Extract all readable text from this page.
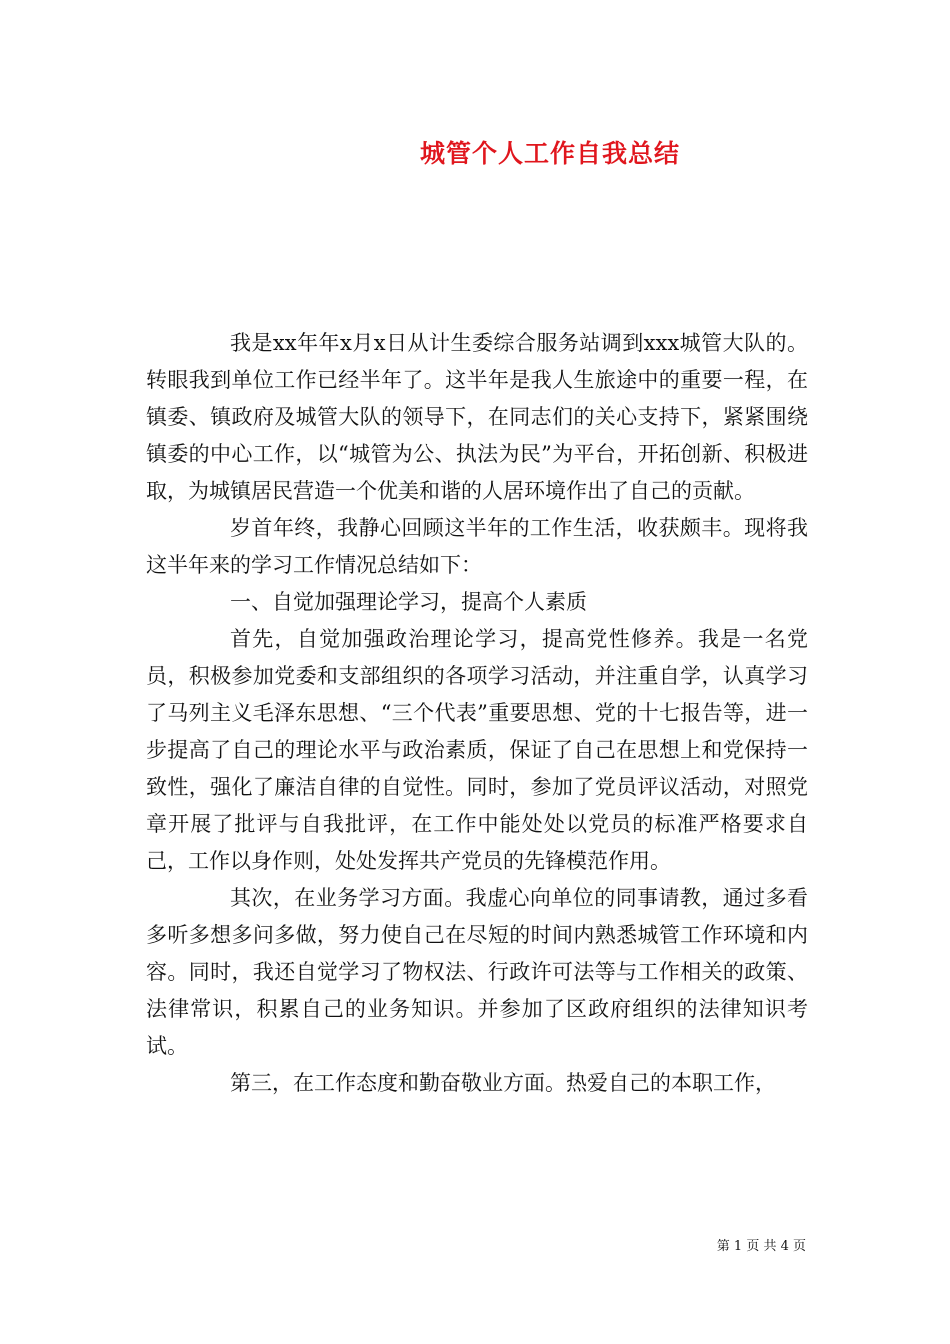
城管个人工作自我总结

我是xx年年x月x日从计生委综合服务站调到xxx城管大队的。转眼我到单位工作已经半年了。这半年是我人生旅途中的重要一程，在镇委、镇政府及城管大队的领导下，在同志们的关心支持下，紧紧围绕镇委的中心工作，以“城管为公、执法为民”为平台，开拓创新、积极进取，为城镇居民营造一个优美和谐的人居环境作出了自己的贡献。

岁首年终，我静心回顾这半年的工作生活，收获颇丰。现将我这半年来的学习工作情况总结如下：

一、自觉加强理论学习，提高个人素质

首先，自觉加强政治理论学习，提高党性修养。我是一名党员，积极参加党委和支部组织的各项学习活动，并注重自学，认真学习了马列主义毛泽东思想、“三个代表”重要思想、党的十七报告等，进一步提高了自己的理论水平与政治素质，保证了自己在思想上和党保持一致性，强化了廉洁自律的自觉性。同时，参加了党员评议活动，对照党章开展了批评与自我批评，在工作中能处处以党员的标准严格要求自己，工作以身作则，处处发挥共产党员的先锋模范作用。

其次，在业务学习方面。我虚心向单位的同事请教，通过多看多听多想多问多做，努力使自己在尽短的时间内熟悉城管工作环境和内容。同时，我还自觉学习了物权法、行政许可法等与工作相关的政策、法律常识，积累自己的业务知识。并参加了区政府组织的法律知识考试。

第三，在工作态度和勤奋敬业方面。热爱自己的本职工作，

第 1 页 共 4 页
